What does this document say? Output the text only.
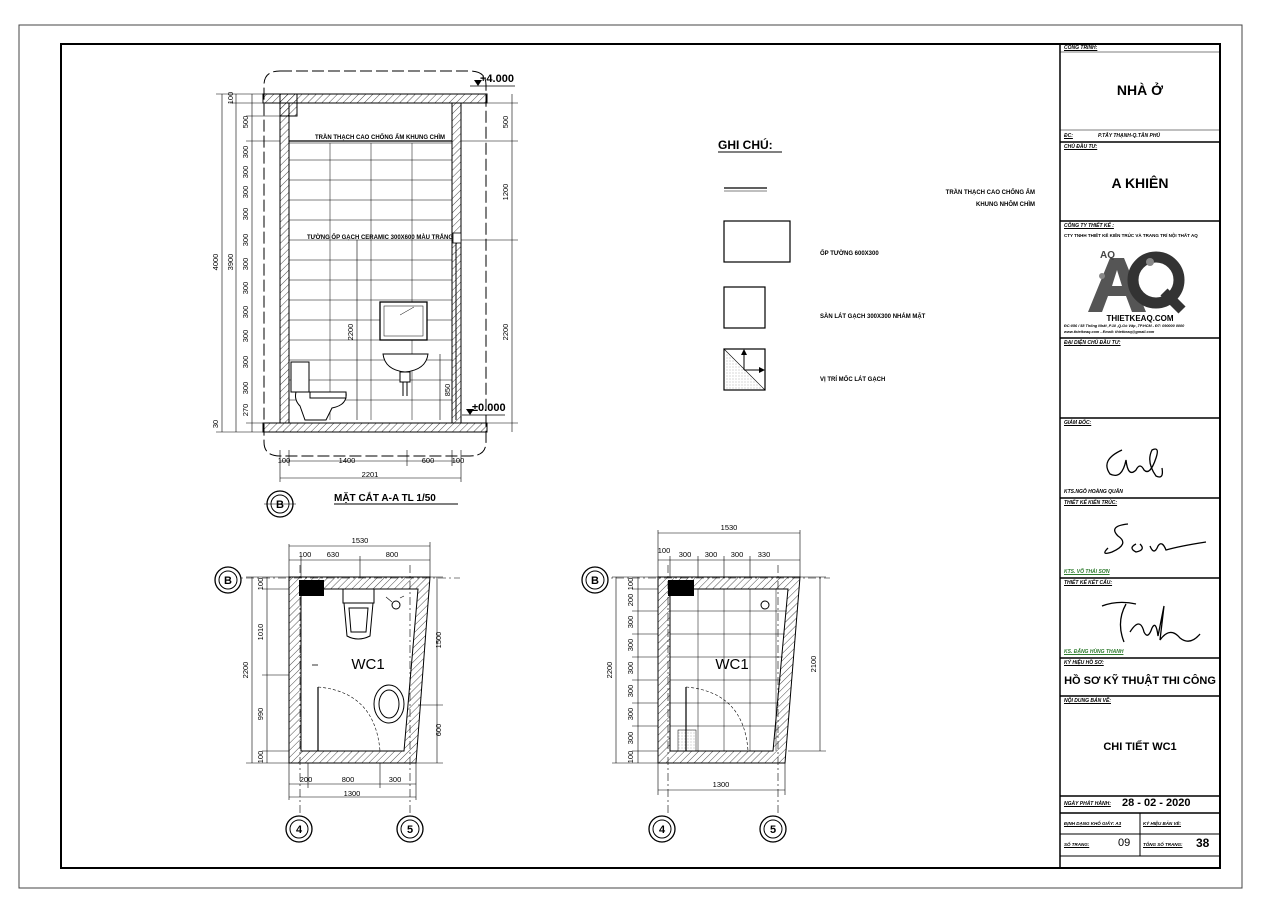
TRẦN THẠCH CAO CHỐNG ẨM KHUNG CHÌM
TƯỜNG ỐP GẠCH CERAMIC 300X600 MÀU TRẮNG
+4.000
±0.000
MẶT CẮT A-A TL 1/50
4000 3900
100
500
300
300
300
300
300
300
300
300
300
300
300
270
30
500
1200
2200
2200
850
100	1400	600 100
2201
B
WC1
1530
100 630	800
200	800	300
1300
2200
100
1010
990
100
1500
600
WC1
1530
100 300 300 300 330
1300
2200
100
200
300
300
300
300
300
300
100
2100
B	B
4	5	4	5
GHI CHÚ:
TRẦN THẠCH CAO CHỐNG ẨM
KHUNG NHÔM CHÌM
ỐP TƯỜNG 600X300
SÀN LÁT GẠCH 300X300 NHÁM MẶT
VỊ TRÍ MỐC LÁT GẠCH
CÔNG TRÌNH:
NHÀ Ở
ĐC:	P.TÂY THẠNH-Q.TÂN PHÚ
CHỦ ĐẦU TƯ:
A KHIÊN
CÔNG TY THIẾT KẾ :
CTY TNHH THIẾT KẾ KIẾN TRÚC VÀ TRANG TRÍ NỘI THẤT AQ
AQ
THIETKEAQ.COM
ĐC:056 / 58 Thống Nhất ,P.10 ,Q.Gò Vấp ,TP.HCM - ĐT: 090000 0000
www.thietkeaq.com - Email: thietkeaq@gmail.com
ĐẠI DIỆN CHỦ ĐẦU TƯ:
GIÁM ĐỐC:
KTS.NGÔ HOÀNG QUÂN
THIẾT KẾ KIẾN TRÚC:
KTS. VÕ THÁI SƠN
THIẾT KẾ KẾT CẤU:
KS. ĐẶNG HÙNG THANH
KÝ HIỆU HỒ SƠ:
HỒ SƠ KỸ THUẬT THI CÔNG
NỘI DUNG BẢN VẼ:
CHI TIẾT WC1
NGÀY PHÁT HÀNH: 28 - 02 - 2020
ĐỊNH DẠNG KHỔ GIẤY: A3	KÝ HIỆU BẢN VẼ:
SỐ TRANG:	09	TỔNG SỐ TRANG: 38
